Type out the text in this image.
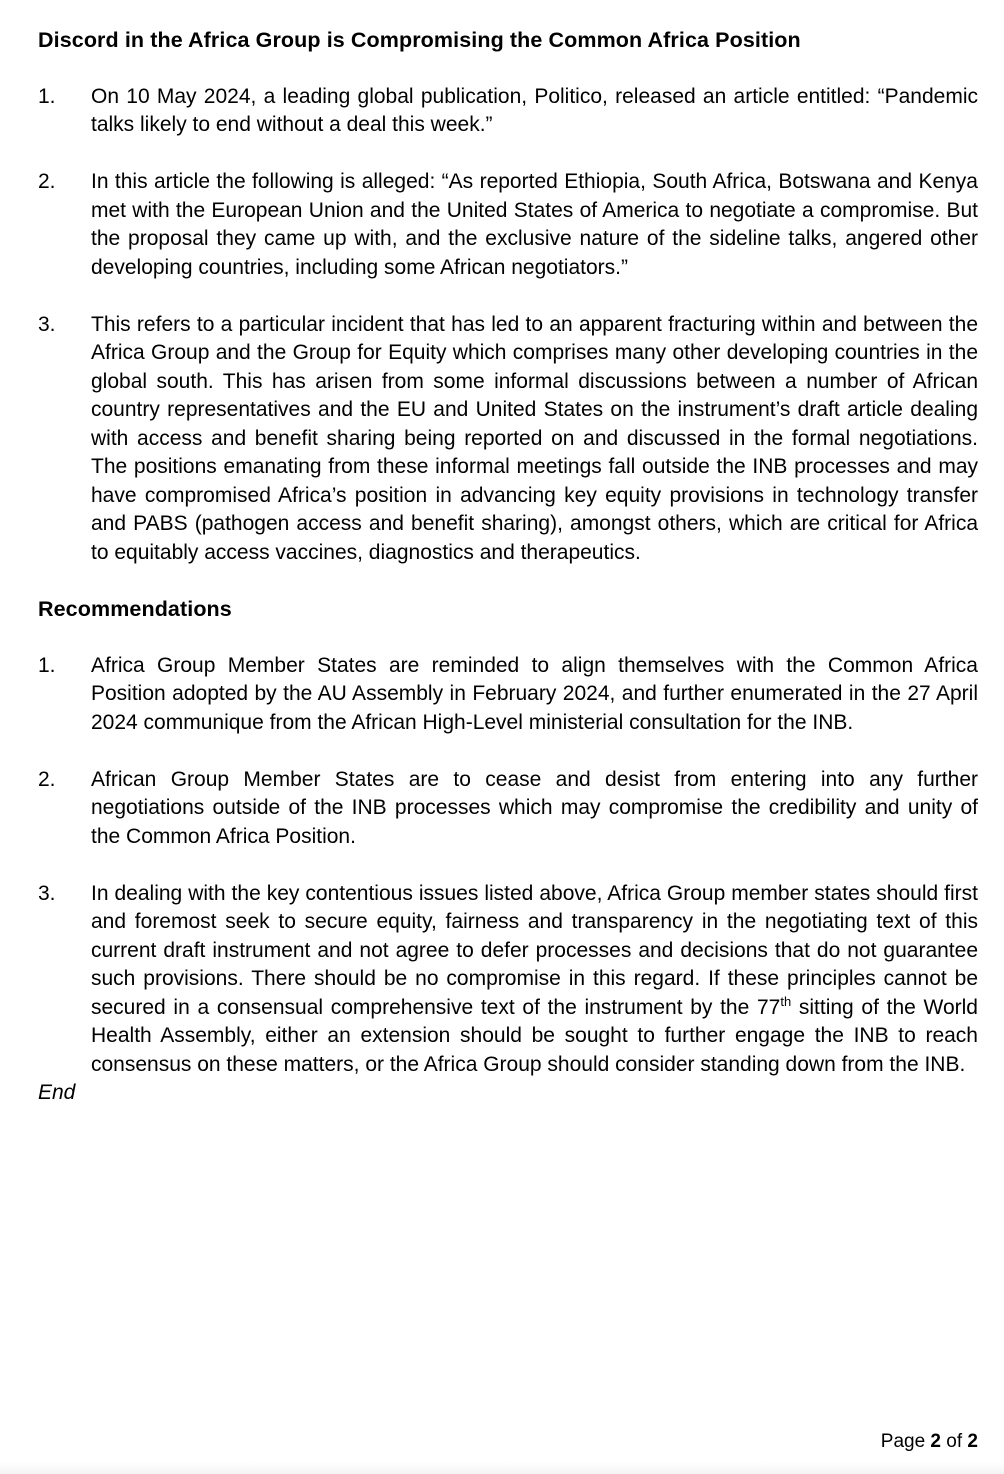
Discord in the Africa Group is Compromising the Common Africa Position
1.	On 10 May 2024, a leading global publication, Politico, released an article entitled: “Pandemic talks likely to end without a deal this week.”
2.	In this article the following is alleged: “As reported Ethiopia, South Africa, Botswana and Kenya met with the European Union and the United States of America to negotiate a compromise. But the proposal they came up with, and the exclusive nature of the sideline talks, angered other developing countries, including some African negotiators.”
3.	This refers to a particular incident that has led to an apparent fracturing within and between the Africa Group and the Group for Equity which comprises many other developing countries in the global south. This has arisen from some informal discussions between a number of African country representatives and the EU and United States on the instrument’s draft article dealing with access and benefit sharing being reported on and discussed in the formal negotiations. The positions emanating from these informal meetings fall outside the INB processes and may have compromised Africa’s position in advancing key equity provisions in technology transfer and PABS (pathogen access and benefit sharing), amongst others, which are critical for Africa to equitably access vaccines, diagnostics and therapeutics.
Recommendations
1.	Africa Group Member States are reminded to align themselves with the Common Africa Position adopted by the AU Assembly in February 2024, and further enumerated in the 27 April 2024 communique from the African High-Level ministerial consultation for the INB.
2.	African Group Member States are to cease and desist from entering into any further negotiations outside of the INB processes which may compromise the credibility and unity of the Common Africa Position.
3.	In dealing with the key contentious issues listed above, Africa Group member states should first and foremost seek to secure equity, fairness and transparency in the negotiating text of this current draft instrument and not agree to defer processes and decisions that do not guarantee such provisions. There should be no compromise in this regard. If these principles cannot be secured in a consensual comprehensive text of the instrument by the 77th sitting of the World Health Assembly, either an extension should be sought to further engage the INB to reach consensus on these matters, or the Africa Group should consider standing down from the INB.
End
Page 2 of 2
